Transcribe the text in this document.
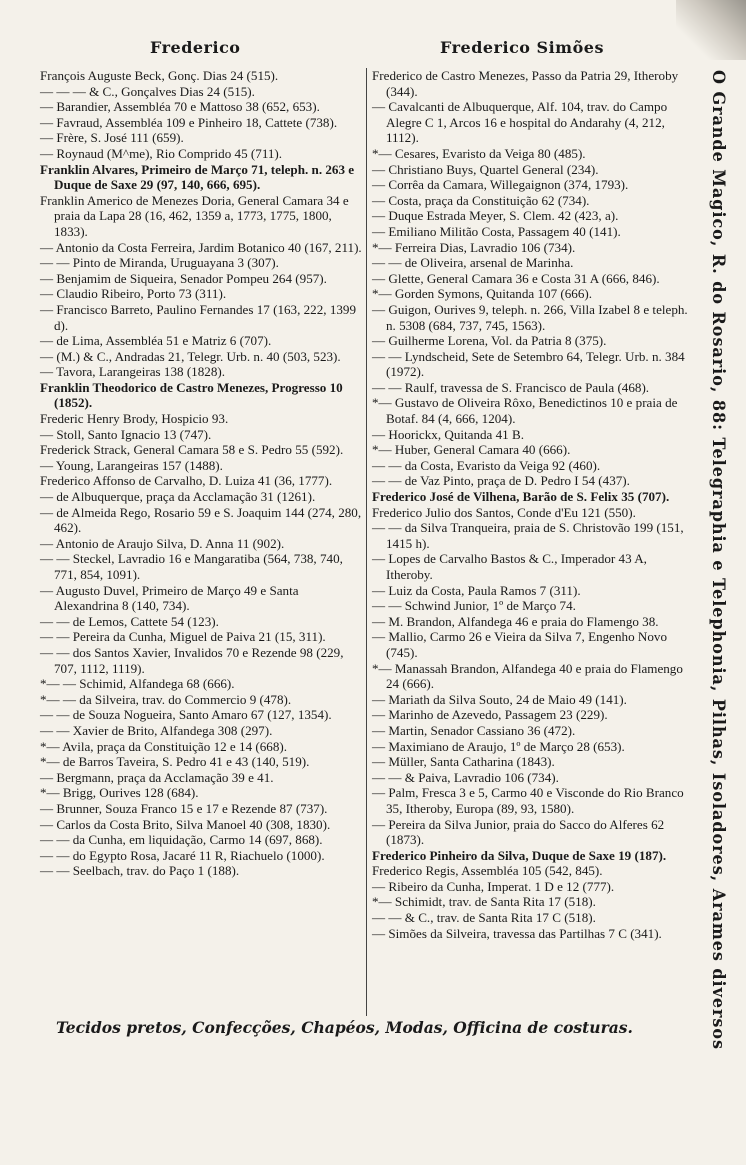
Frederico	Frederico Simões

François Auguste Beck, Gonç. Dias 24 (515).

— — — & C., Gonçalves Dias 24 (515).

— Barandier, Assembléa 70 e Mattoso 38 (652, 653).

— Favraud, Assembléa 109 e Pinheiro 18, Cattete (738).

— Frère, S. José 111 (659).

— Roynaud (M^me), Rio Comprido 45 (711).

Franklin Alvares, Primeiro de Março 71, teleph. n. 263 e Duque de Saxe 29 (97, 140, 666, 695).

Franklin Americo de Menezes Doria, General Camara 34 e praia da Lapa 28 (16, 462, 1359 a, 1773, 1775, 1800, 1833).

— Antonio da Costa Ferreira, Jardim Botanico 40 (167, 211).

— — Pinto de Miranda, Uruguayana 3 (307).

— Benjamim de Siqueira, Senador Pompeu 264 (957).

— Claudio Ribeiro, Porto 73 (311).

— Francisco Barreto, Paulino Fernandes 17 (163, 222, 1399 d).

— de Lima, Assembléa 51 e Matriz 6 (707).

— (M.) & C., Andradas 21, Telegr. Urb. n. 40 (503, 523).

— Tavora, Larangeiras 138 (1828).

Franklin Theodorico de Castro Menezes, Progresso 10 (1852).

Frederic Henry Brody, Hospicio 93.

— Stoll, Santo Ignacio 13 (747).

Frederick Strack, General Camara 58 e S. Pedro 55 (592).

— Young, Larangeiras 157 (1488).

Frederico Affonso de Carvalho, D. Luiza 41 (36, 1777).

— de Albuquerque, praça da Acclamação 31 (1261).

— de Almeida Rego, Rosario 59 e S. Joaquim 144 (274, 280, 462).

— Antonio de Araujo Silva, D. Anna 11 (902).

— — Steckel, Lavradio 16 e Mangaratiba (564, 738, 740, 771, 854, 1091).

— Augusto Duvel, Primeiro de Março 49 e Santa Alexandrina 8 (140, 734).

— — de Lemos, Cattete 54 (123).

— — Pereira da Cunha, Miguel de Paiva 21 (15, 311).

— — dos Santos Xavier, Invalidos 70 e Rezende 98 (229, 707, 1112, 1119).

*— — Schimid, Alfandega 68 (666).

*— — da Silveira, trav. do Commercio 9 (478).

— — de Souza Nogueira, Santo Amaro 67 (127, 1354).

— — Xavier de Brito, Alfandega 308 (297).

*— Avila, praça da Constituição 12 e 14 (668).

*— de Barros Taveira, S. Pedro 41 e 43 (140, 519).

— Bergmann, praça da Acclamação 39 e 41.

*— Brigg, Ourives 128 (684).

— Brunner, Souza Franco 15 e 17 e Rezende 87 (737).

— Carlos da Costa Brito, Silva Manoel 40 (308, 1830).

— — da Cunha, em liquidação, Carmo 14 (697, 868).

— — do Egypto Rosa, Jacaré 11 R, Riachuelo (1000).

— — Seelbach, trav. do Paço 1 (188).

Frederico de Castro Menezes, Passo da Patria 29, Itheroby (344).

— Cavalcanti de Albuquerque, Alf. 104, trav. do Campo Alegre C 1, Arcos 16 e hospital do Andarahy (4, 212, 1112).

*— Cesares, Evaristo da Veiga 80 (485).

— Christiano Buys, Quartel General (234).

— Corrêa da Camara, Willegaignon (374, 1793).

— Costa, praça da Constituição 62 (734).

— Duque Estrada Meyer, S. Clem. 42 (423, a).

— Emiliano Militão Costa, Passagem 40 (141).

*— Ferreira Dias, Lavradio 106 (734).

— — de Oliveira, arsenal de Marinha.

— Glette, General Camara 36 e Costa 31 A (666, 846).

*— Gorden Symons, Quitanda 107 (666).

— Guigon, Ourives 9, teleph. n. 266, Villa Izabel 8 e teleph. n. 5308 (684, 737, 745, 1563).

— Guilherme Lorena, Vol. da Patria 8 (375).

— — Lyndscheid, Sete de Setembro 64, Telegr. Urb. n. 384 (1972).

— — Raulf, travessa de S. Francisco de Paula (468).

*— Gustavo de Oliveira Rôxo, Benedictinos 10 e praia de Botaf. 84 (4, 666, 1204).

— Hoorickx, Quitanda 41 B.

*— Huber, General Camara 40 (666).

— — da Costa, Evaristo da Veiga 92 (460).

— — de Vaz Pinto, praça de D. Pedro I 54 (437).

Frederico José de Vilhena, Barão de S. Felix 35 (707).

Frederico Julio dos Santos, Conde d'Eu 121 (550).

— — da Silva Tranqueira, praia de S. Christovão 199 (151, 1415 h).

— Lopes de Carvalho Bastos & C., Imperador 43 A, Itheroby.

— Luiz da Costa, Paula Ramos 7 (311).

— — Schwind Junior, 1º de Março 74.

— M. Brandon, Alfandega 46 e praia do Flamengo 38.

— Mallio, Carmo 26 e Vieira da Silva 7, Engenho Novo (745).

*— Manassah Brandon, Alfandega 40 e praia do Flamengo 24 (666).

— Mariath da Silva Souto, 24 de Maio 49 (141).

— Marinho de Azevedo, Passagem 23 (229).

— Martin, Senador Cassiano 36 (472).

— Maximiano de Araujo, 1º de Março 28 (653).

— Müller, Santa Catharina (1843).

— — & Paiva, Lavradio 106 (734).

— Palm, Fresca 3 e 5, Carmo 40 e Visconde do Rio Branco 35, Itheroby, Europa (89, 93, 1580).

— Pereira da Silva Junior, praia do Sacco do Alferes 62 (1873).

Frederico Pinheiro da Silva, Duque de Saxe 19 (187).

Frederico Regis, Assembléa 105 (542, 845).

— Ribeiro da Cunha, Imperat. 1 D e 12 (777).

*— Schimidt, trav. de Santa Rita 17 (518).

— — & C., trav. de Santa Rita 17 C (518).

— Simões da Silveira, travessa das Partilhas 7 C (341).	O Grande Magico, R. do Rosario, 88: Telegraphia e Telephonia, Pilhas, Isoladores, Arames diversos
Tecidos pretos, Confecções, Chapéos, Modas, Officina de costuras.
